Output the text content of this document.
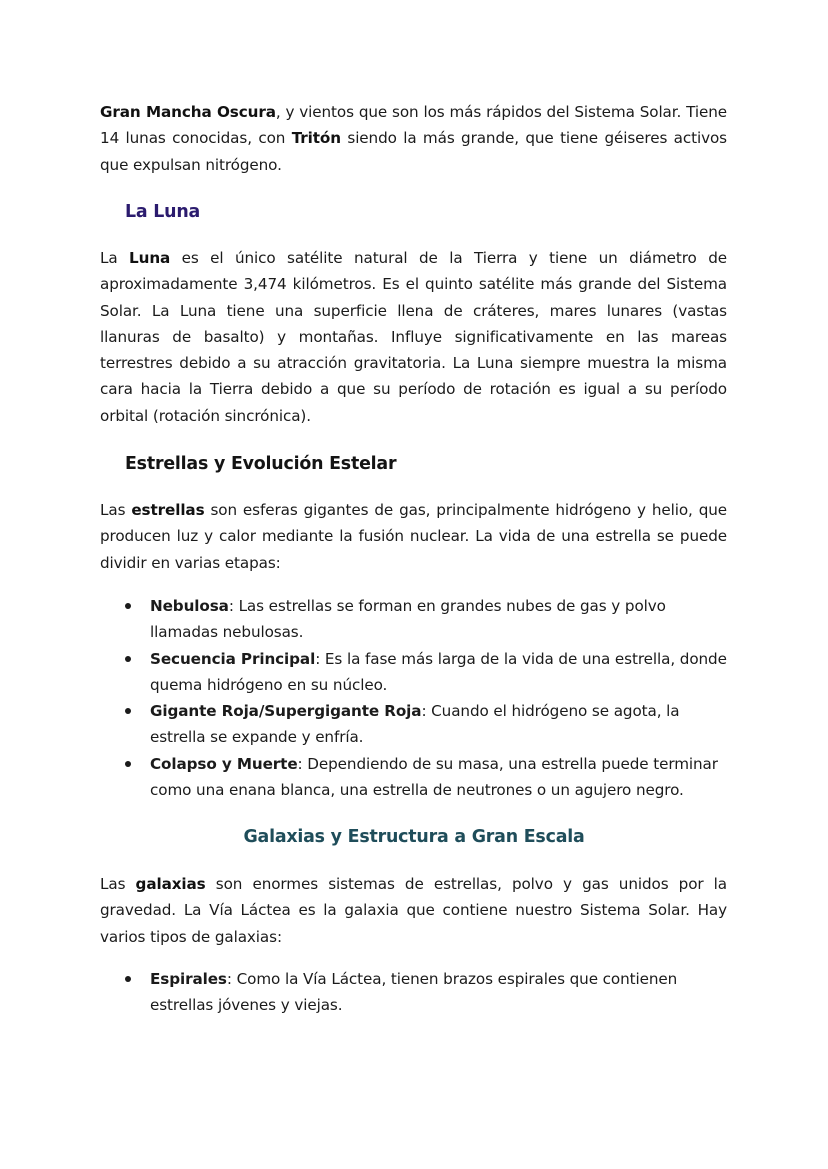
Gran Mancha Oscura, y vientos que son los más rápidos del Sistema Solar. Tiene 14 lunas conocidas, con Tritón siendo la más grande, que tiene géiseres activos que expulsan nitrógeno.

La Luna

La Luna es el único satélite natural de la Tierra y tiene un diámetro de aproximadamente 3,474 kilómetros. Es el quinto satélite más grande del Sistema Solar. La Luna tiene una superficie llena de cráteres, mares lunares (vastas llanuras de basalto) y montañas. Influye significativamente en las mareas terrestres debido a su atracción gravitatoria. La Luna siempre muestra la misma cara hacia la Tierra debido a que su período de rotación es igual a su período orbital (rotación sincrónica).

Estrellas y Evolución Estelar

Las estrellas son esferas gigantes de gas, principalmente hidrógeno y helio, que producen luz y calor mediante la fusión nuclear. La vida de una estrella se puede dividir en varias etapas:

Nebulosa: Las estrellas se forman en grandes nubes de gas y polvo llamadas nebulosas.
Secuencia Principal: Es la fase más larga de la vida de una estrella, donde quema hidrógeno en su núcleo.
Gigante Roja/Supergigante Roja: Cuando el hidrógeno se agota, la estrella se expande y enfría.
Colapso y Muerte: Dependiendo de su masa, una estrella puede terminar como una enana blanca, una estrella de neutrones o un agujero negro.
Galaxias y Estructura a Gran Escala

Las galaxias son enormes sistemas de estrellas, polvo y gas unidos por la gravedad. La Vía Láctea es la galaxia que contiene nuestro Sistema Solar. Hay varios tipos de galaxias:

Espirales: Como la Vía Láctea, tienen brazos espirales que contienen estrellas jóvenes y viejas.
